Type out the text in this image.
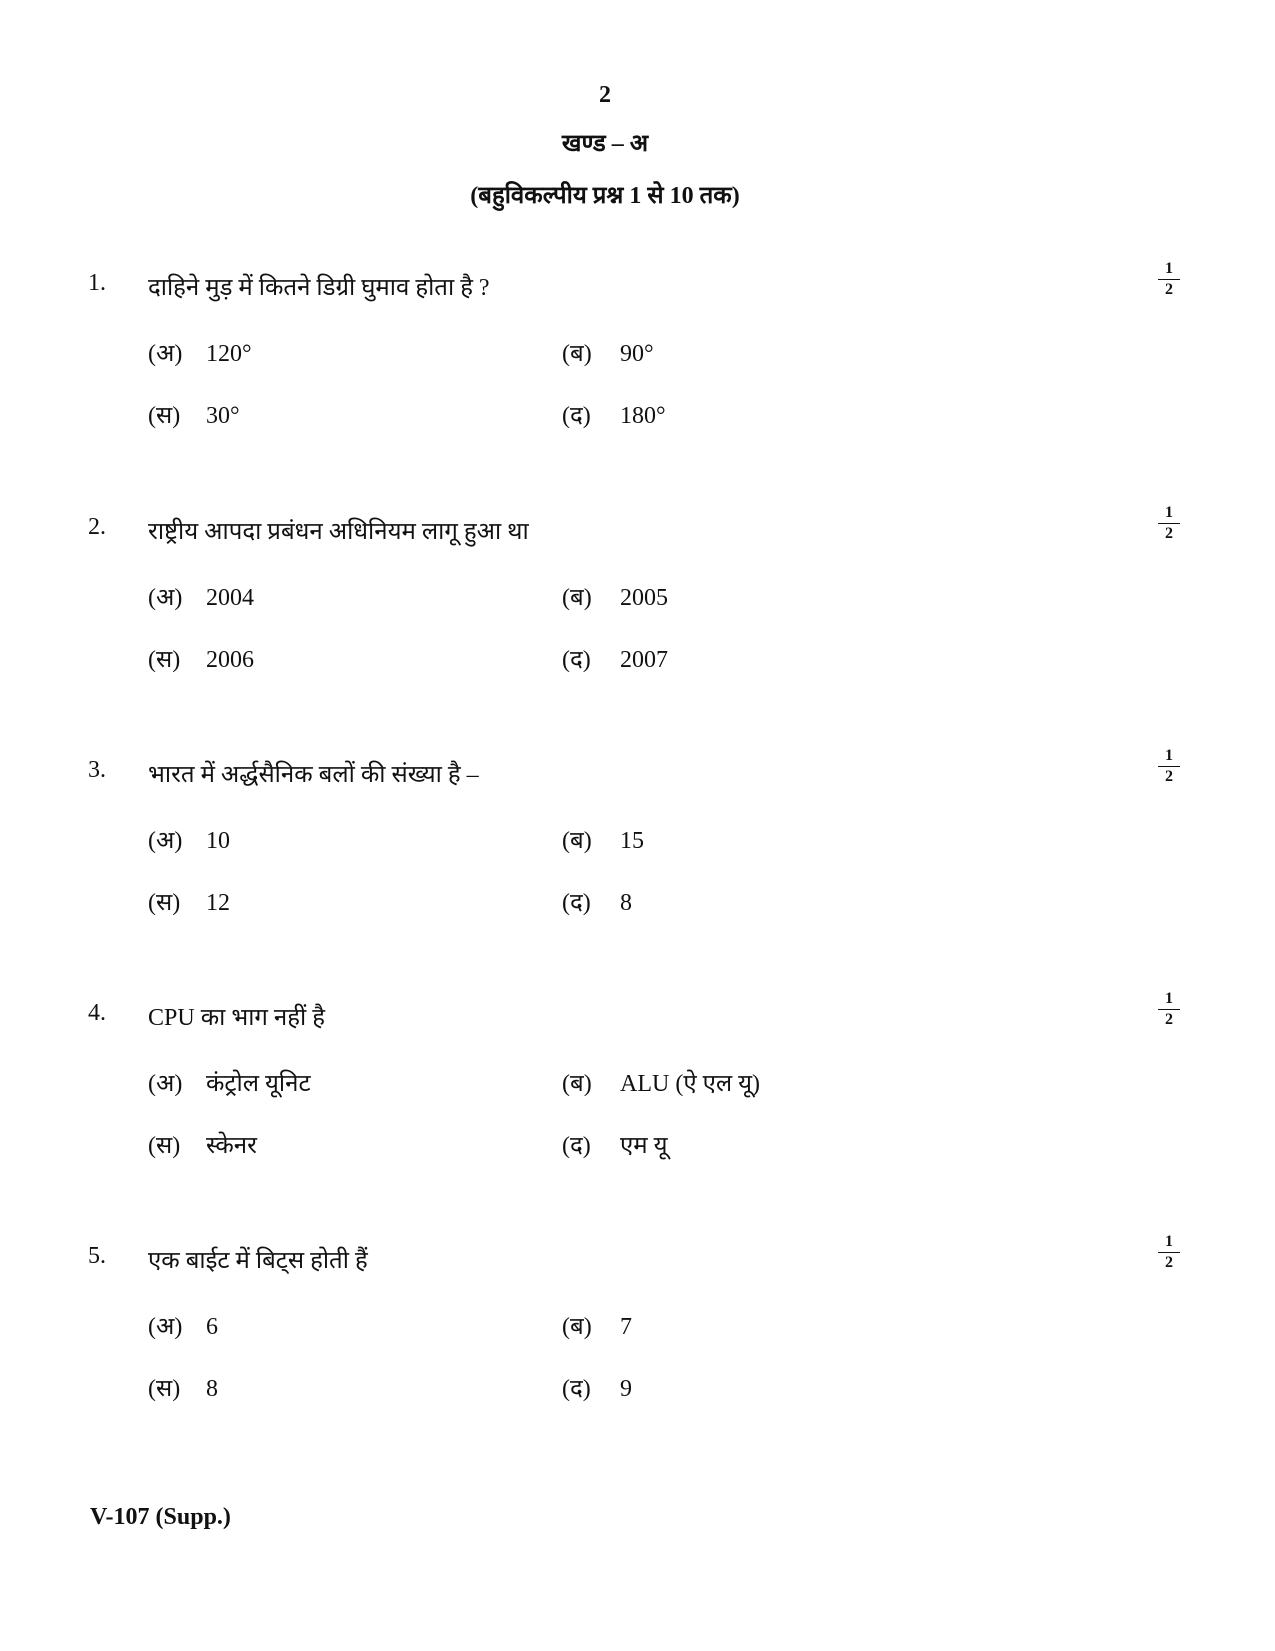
2
खण्ड – अ
(बहुविकल्पीय प्रश्न 1 से 10 तक)
1. दाहिने मुड़ में कितने डिग्री घुमाव होता है ?	$\frac{1}{2}$
(अ) 120°	(ब) 90°
(स) 30°	(द) 180°
2. राष्ट्रीय आपदा प्रबंधन अधिनियम लागू हुआ था	$\frac{1}{2}$
(अ) 2004	(ब) 2005
(स) 2006	(द) 2007
3. भारत में अर्द्धसैनिक बलों की संख्या है –	$\frac{1}{2}$
(अ) 10	(ब) 15
(स) 12	(द) 8
4. CPU का भाग नहीं है	$\frac{1}{2}$
(अ) कंट्रोल यूनिट	(ब) ALU (ऐ एल यू)
(स) स्केनर	(द) एम यू
5. एक बाईट में बिट्स होती हैं	$\frac{1}{2}$
(अ) 6	(ब) 7
(स) 8	(द) 9
V-107 (Supp.)
